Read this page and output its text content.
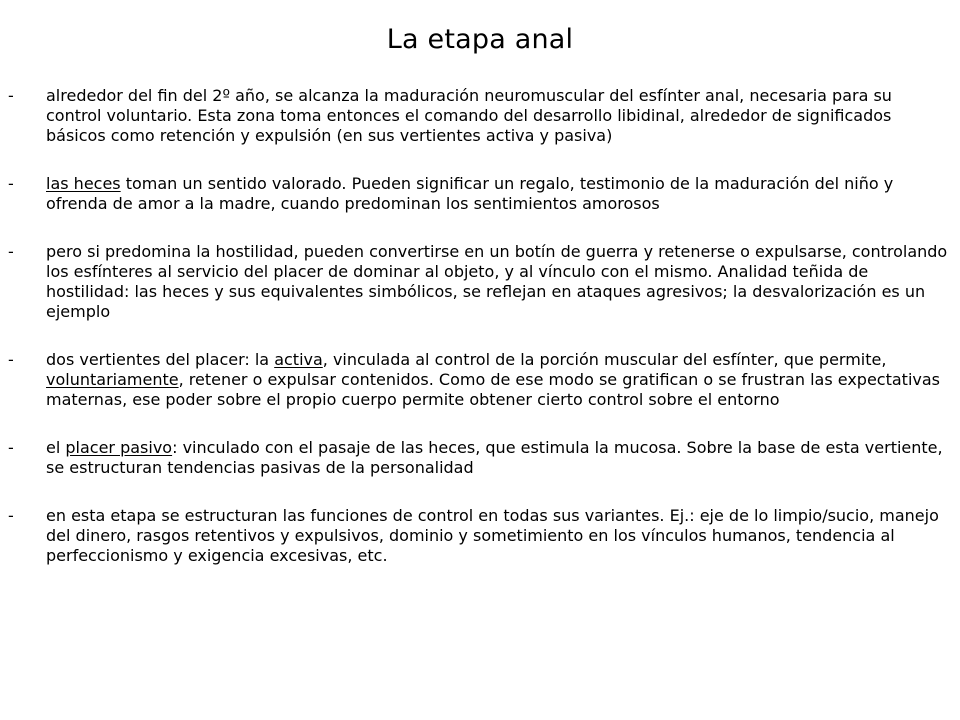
La etapa anal
- alrededor del fin del 2º año, se alcanza la maduración neuromuscular del esfínter anal, necesaria para su control voluntario. Esta zona toma entonces el comando del desarrollo libidinal, alrededor de significados básicos como retención y expulsión (en sus vertientes activa y pasiva)
- las heces toman un sentido valorado. Pueden significar un regalo, testimonio de la maduración del niño y ofrenda de amor a la madre, cuando predominan los sentimientos amorosos
- pero si predomina la hostilidad, pueden convertirse en un botín de guerra y retenerse o expulsarse, controlando los esfínteres al servicio del placer de dominar al objeto, y al vínculo con el mismo. Analidad teñida de hostilidad: las heces y sus equivalentes simbólicos, se reflejan en ataques agresivos; la desvalorización es un ejemplo
- dos vertientes del placer: la activa, vinculada al control de la porción muscular del esfínter, que permite, voluntariamente, retener o expulsar contenidos. Como de ese modo se gratifican o se frustran las expectativas maternas, ese poder sobre el propio cuerpo permite obtener cierto control sobre el entorno
- el placer pasivo: vinculado con el pasaje de las heces, que estimula la mucosa. Sobre la base de esta vertiente, se estructuran tendencias pasivas de la personalidad
- en esta etapa se estructuran las funciones de control en todas sus variantes. Ej.: eje de lo limpio/sucio, manejo del dinero, rasgos retentivos y expulsivos, dominio y sometimiento en los vínculos humanos, tendencia al perfeccionismo y exigencia excesivas, etc.
